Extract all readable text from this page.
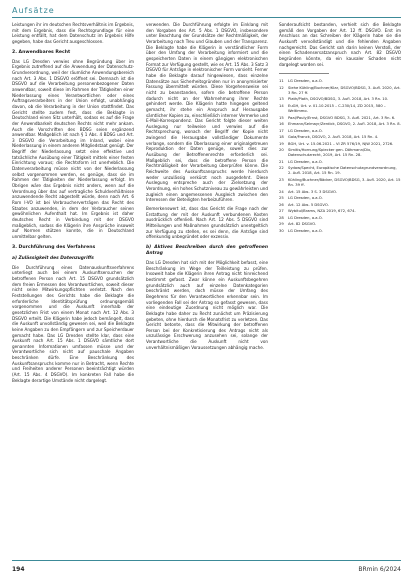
Aufsätze

Leistungen ihr im deutschen Rechtsverhältnis im Ergebnis, mit dem Ergebnis, dass die Rechtsgrundlage für eine Leistung entfällt, hat dem Datenschutz im Ergebnis Hilfe gegeben, habe das Gericht ausgeschlossen.

2. Anwendbares Recht

Das LG Dresden verwies ohne Begründung über im Ergebnis zutreffend auf die Anwendung der Datenschutz-Grundverordnung, weil der räumliche Anwendungsbereich nach Art. 3 Abs. 1 DSGVO eröffnet sei. Demnach ist die DSGVO auf die Verarbeitung personenbezogener Daten anwendbar, soweit diese im Rahmen der Tätigkeiten einer Niederlassung eines Verantwortlichen oder eines Auftragsverarbeiters in der Union erfolgt, unabhängig davon, ob die Verarbeitung in der Union stattfindet. Das Gericht stellte zudem fest, dass die Beklagte in Deutschland einen Sitz unterhält, sodass es auf die Frage der Anwendbarkeit deutschen Rechts nicht mehr ankam. Auch die Vorschriften des BDSG seien ergänzend anwendbar. Maßgeblich ist nach § 1 Abs. 4 BDSG und Art. 3 DSGVO die Verarbeitung im Inland, wobei eine Niederlassung in einem anderen Mitgliedstaat genügt. Der Begriff der Niederlassung setzt eine effektive und tatsächliche Ausübung einer Tätigkeit mittels einer festen Einrichtung voraus; die Rechtsform ist unerheblich. Die Datenverarbeitung müsse nicht von der Niederlassung selbst vorgenommen werden, es genüge, dass sie im Rahmen der Tätigkeiten der Niederlassung erfolgt. Im Übrigen wäre das Ergebnis nicht anders, wenn auf die Verordnung über das auf vertragliche Schuldverhältnisse anzuwendende Recht abgestellt würde, denn nach Art. 6 Rom I-VO ist bei Verbraucherverträgen das Recht des Staates anzuwenden, in dem der Verbraucher seinen gewöhnlichen Aufenthalt hat. Im Ergebnis ist daher deutsches Recht in Verbindung mit der DSGVO maßgeblich, sodass die Klägerin ihre Ansprüche insoweit auf Normen stützen konnte, die in Deutschland unmittelbar gelten.

3. Durchführung des Verfahrens
a) Zulässigkeit des Datenzugriffs

Die Durchführung eines Datenauskunftsverfahrens unterliegt auch bei einem Auskunftsersuchen der betroffenen Person nach Art. 15 DSGVO grundsätzlich dem freien Ermessen des Verantwortlichen, soweit dieser nicht seine Mitwirkungspflichten verletzt. Nach den Feststellungen des Gerichts habe die Beklagte die erforderliche Identitätsprüfung ordnungsgemäß vorgenommen und die Auskunft innerhalb der gesetzlichen Frist von einem Monat nach Art. 12 Abs. 3 DSGVO erteilt. Die Klägerin habe jedoch bemängelt, dass die Auskunft unvollständig gewesen sei, weil die Beklagte keine Angaben zu den Empfängern und zur Speicherdauer gemacht habe. Das LG Dresden stellte klar, dass eine Auskunft nach Art. 15 Abs. 1 DSGVO sämtliche dort genannten Informationen umfassen müsse und der Verantwortliche sich nicht auf pauschale Angaben beschränken dürfe. Eine Beschränkung des Auskunftsanspruchs komme nur in Betracht, wenn Rechte und Freiheiten anderer Personen beeinträchtigt würden (Art. 15 Abs. 4 DSGVO). Im konkreten Fall habe die Beklagte derartige Umstände nicht dargelegt.

verwenden. Die Durchführung erfolgte im Einklang mit den Vorgaben des Art. 5 Abs. 1 DSGVO, insbesondere unter Beachtung der Grundsätze der Rechtmäßigkeit, der Verarbeitung nach Treu und Glauben und der Transparenz. Die Beklagte habe die Klägerin in verständlicher Form über den Umfang der Verarbeitung informiert und die gespeicherten Daten in einem gängigen elektronischen Format zur Verfügung gestellt, wie es Art. 15 Abs. 3 Satz 3 DSGVO für Anträge in elektronischer Form vorsieht. Ferner habe die Beklagte darauf hingewiesen, dass einzelne Datensätze aus Sicherheitsgründen nur in anonymisierter Fassung übermittelt würden. Diese Vorgehensweise sei nicht zu beanstanden, sofern die betroffene Person dadurch nicht an der Wahrnehmung ihrer Rechte gehindert werde. Die Klägerin hatte hingegen geltend gemacht, ihr stehe ein Anspruch auf Herausgabe sämtlicher Kopien zu, einschließlich interner Vermerke und E-Mail-Korrespondenz. Das Gericht folgte dieser weiten Auslegung nur teilweise und verwies auf die Rechtsprechung, wonach der Begriff der Kopie nicht zwingend die Herausgabe vollständiger Dokumente verlange, sondern die Überlassung einer originalgetreuen Reproduktion der Daten genüge, soweit dies zur Ausübung der Betroffenenrechte erforderlich sei. Maßgeblich sei, dass die betroffene Person die Rechtmäßigkeit der Verarbeitung überprüfen könne. Die Reichweite des Auskunftsanspruchs werde hierdurch weder unzulässig verkürzt noch ausgedehnt. Diese Auslegung entspreche auch der Zielsetzung der Verordnung, ein hohes Schutzniveau zu gewährleisten und zugleich einen angemessenen Ausgleich zwischen den Interessen der Beteiligten herbeizuführen.

Bemerkenswert ist, dass das Gericht die Frage nach der Erstattung der mit der Auskunft verbundenen Kosten ausdrücklich offenließ. Nach Art. 12 Abs. 5 DSGVO sind Mitteilungen und Maßnahmen grundsätzlich unentgeltlich zur Verfügung zu stellen, es sei denn, die Anträge sind offenkundig unbegründet oder exzessiv.

b) Aktives Beschreiben durch den getroffenen Antrag

Das LG Dresden hat sich mit der Möglichkeit befasst, eine Beschränkung im Wege der Teilleistung zu prüfen. Insoweit habe die Klägerin ihren Antrag nicht hinreichend bestimmt gefasst. Zwar könne ein Auskunftsbegehren grundsätzlich auch auf einzelne Datenkategorien beschränkt werden, doch müsse der Umfang des Begehrens für den Verantwortlichen erkennbar sein. Im vorliegenden Fall sei der Antrag so gefasst gewesen, dass eine eindeutige Zuordnung nicht möglich war. Die Beklagte habe daher zu Recht zunächst um Präzisierung gebeten, ohne hierdurch die Monatsfrist zu verletzen. Das Gericht betonte, dass die Mitwirkung der betroffenen Person bei der Konkretisierung des Antrags nicht als unzulässige Erschwerung anzusehen sei, solange der Verantwortliche die Auskunft nicht von unverhältnismäßigen Voraussetzungen abhängig mache.

Sonderaufsicht bestanden, verhielt sich die Beklagte gemäß den Vorgaben der Art. 12 ff. DSGVO. Erst im Anschluss an das Schreiben der Klägerin habe sie die Auskunft vervollständigt und die fehlenden Angaben nachgereicht. Das Gericht sah darin keinen Verstoß, der einen Schadensersatzanspruch nach Art. 82 DSGVO begründen könnte, da ein kausaler Schaden nicht dargelegt worden sei.

11	LG Dresden, a.a.O.
12	Siehe Kühling/Buchner/Klar, DSGVO/BDSG, 3. Aufl. 2020, Art. 3 Rn. 27 ff.
13	Plath/Plath, DSGVO/BDSG, 3. Aufl. 2018, Art. 3 Rn. 10.
14	EuGH, Urt. v. 01.10.2015 – C-230/14, ZD 2015, 580 – Weltimmo.
15	Paal/Pauly/Ernst, DSGVO BDSG, 3. Aufl. 2021, Art. 3 Rn. 6.
16	Ehmann/Selmayr/Zerdick, DSGVO, 2. Aufl. 2018, Art. 3 Rn. 8.
17	LG Dresden, a.a.O.
18	Gola/Franck, DSGVO, 2. Aufl. 2018, Art. 15 Rn. 4.
19	BGH, Urt. v. 15.06.2021 – VI ZR 576/19, NJW 2021, 2726.
20	Simitis/Hornung/Spiecker gen. Döhmann/Dix, Datenschutzrecht, 2019, Art. 15 Rn. 28.
21	LG Dresden, a.a.O.
22	Sydow/Specht, Europäische Datenschutzgrundverordnung, 2. Aufl. 2018, Art. 15 Rn. 19.
23	Kühling/Buchner/Bäcker, DSGVO/BDSG, 3. Aufl. 2020, Art. 15 Rn. 39 ff.
24	Art. 15 Abs. 3 S. 3 DSGVO.
25	LG Dresden, a.a.O.
26	Art. 12 Abs. 5 DSGVO.
27	Wybitul/Brams, NZA 2019, 672, 674.
28	LG Dresden, a.a.O.
29	Art. 82 DSGVO.
30	LG Dresden, a.a.O.
194	BRmin 6/2024
